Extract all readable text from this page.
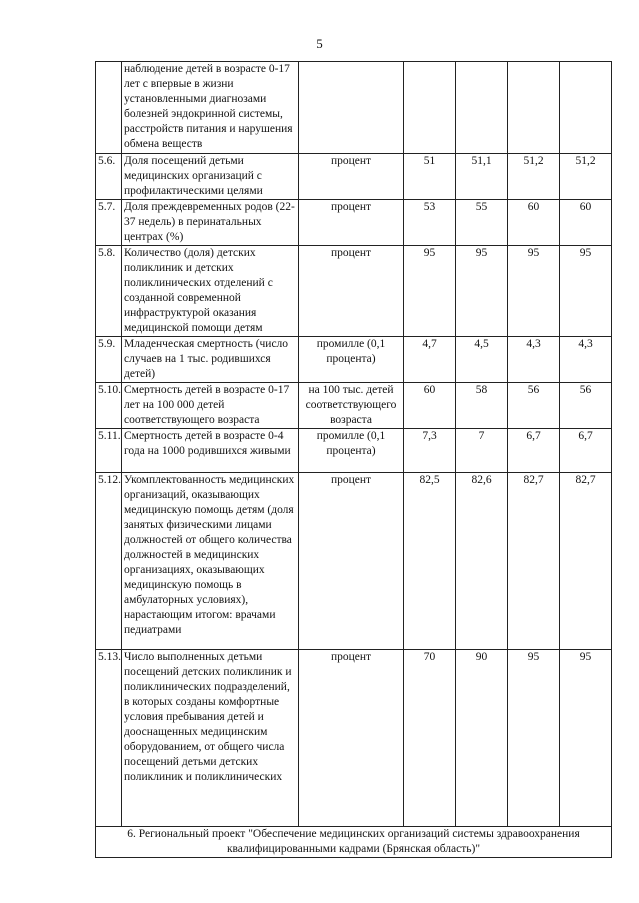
5
	наблюдение детей в возрасте 0-17 лет с впервые в жизни установленными диагнозами болезней эндокринной системы, расстройств питания и нарушения обмена веществ					
5.6.	Доля посещений детьми медицинских организаций с профилактическими целями	процент	51	51,1	51,2	51,2
5.7.	Доля преждевременных родов (22-37 недель) в перинатальных центрах (%)	процент	53	55	60	60
5.8.	Количество (доля) детских поликлиник и детских поликлинических отделений с созданной современной инфраструктурой оказания медицинской помощи детям	процент	95	95	95	95
5.9.	Младенческая смертность (число случаев на 1 тыс. родившихся детей)	промилле (0,1 процента)	4,7	4,5	4,3	4,3
5.10.	Смертность детей в возрасте 0-17 лет на 100 000 детей соответствующего возраста	на 100 тыс. детей соответствующего возраста	60	58	56	56
5.11.	Смертность детей в возрасте 0-4 года на 1000 родившихся живыми	промилле (0,1 процента)	7,3	7	6,7	6,7
5.12.	Укомплектованность медицинских организаций, оказывающих медицинскую помощь детям (доля занятых физическими лицами должностей от общего количества должностей в медицинских организациях, оказывающих медицинскую помощь в амбулаторных условиях), нарастающим итогом: врачами педиатрами	процент	82,5	82,6	82,7	82,7
5.13.	Число выполненных детьми посещений детских поликлиник и поликлинических подразделений, в которых созданы комфортные условия пребывания детей и дооснащенных медицинским оборудованием, от общего числа посещений детьми детских поликлиник и поликлинических	процент	70	90	95	95
6. Региональный проект "Обеспечение медицинских организаций системы здравоохранения квалифицированными кадрами (Брянская область)"						
